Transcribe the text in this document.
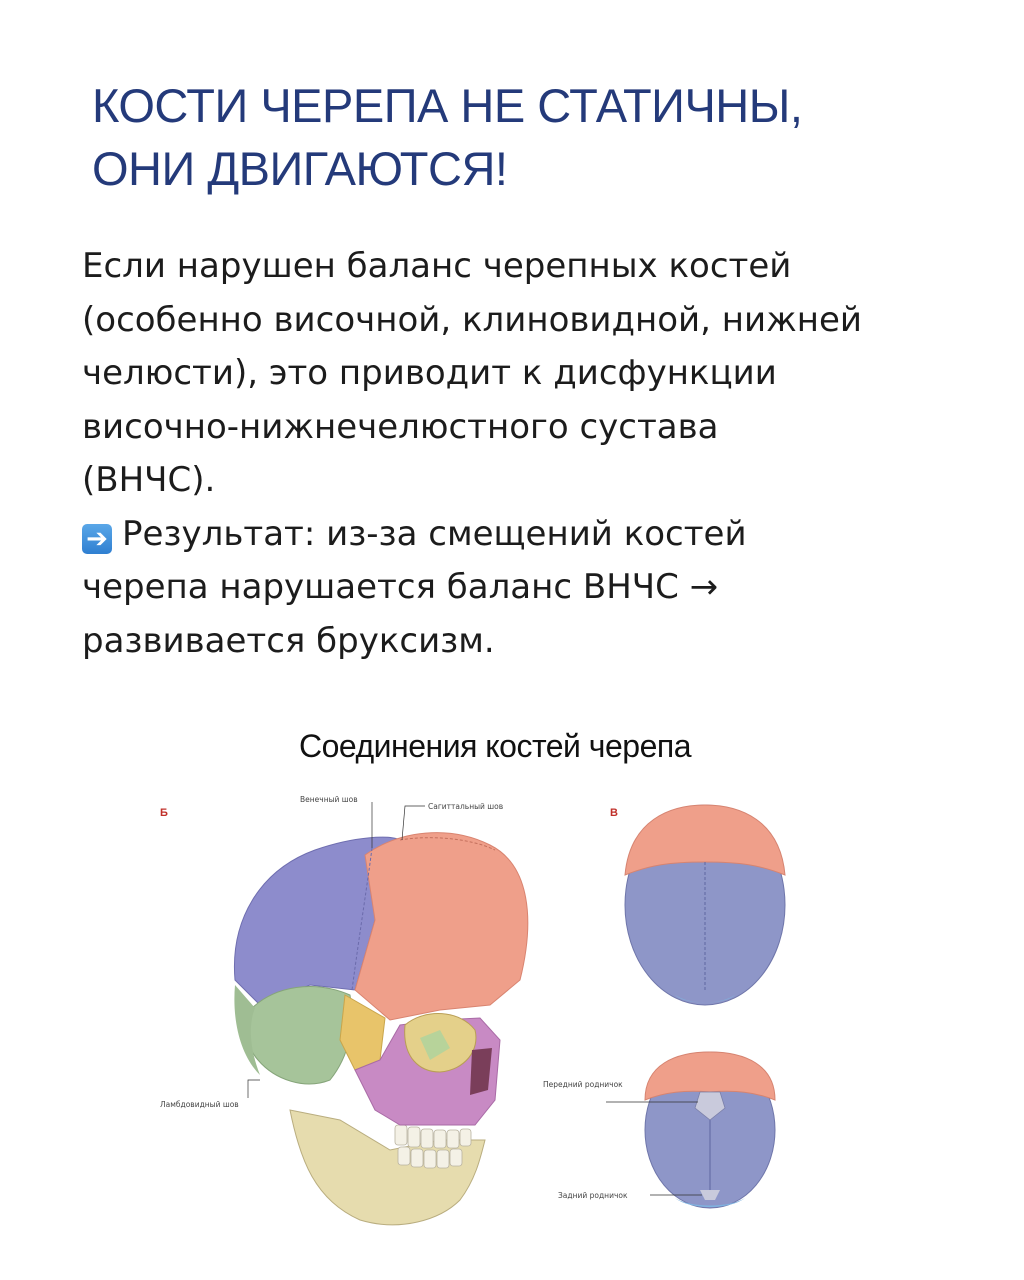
КОСТИ ЧЕРЕПА НЕ СТАТИЧНЫ,
ОНИ ДВИГАЮТСЯ!
Если нарушен баланс черепных костей
(особенно височной, клиновидной, нижней
челюсти), это приводит к дисфункции
височно-нижнечелюстного сустава
(ВНЧС).
➔ Результат: из-за смещений костей
черепа нарушается баланс ВНЧС →
развивается бруксизм.
Соединения костей черепа
Б	В
Венечный шов
Сагиттальный шов
Ламбдовидный шов
Передний родничок
Задний родничок
